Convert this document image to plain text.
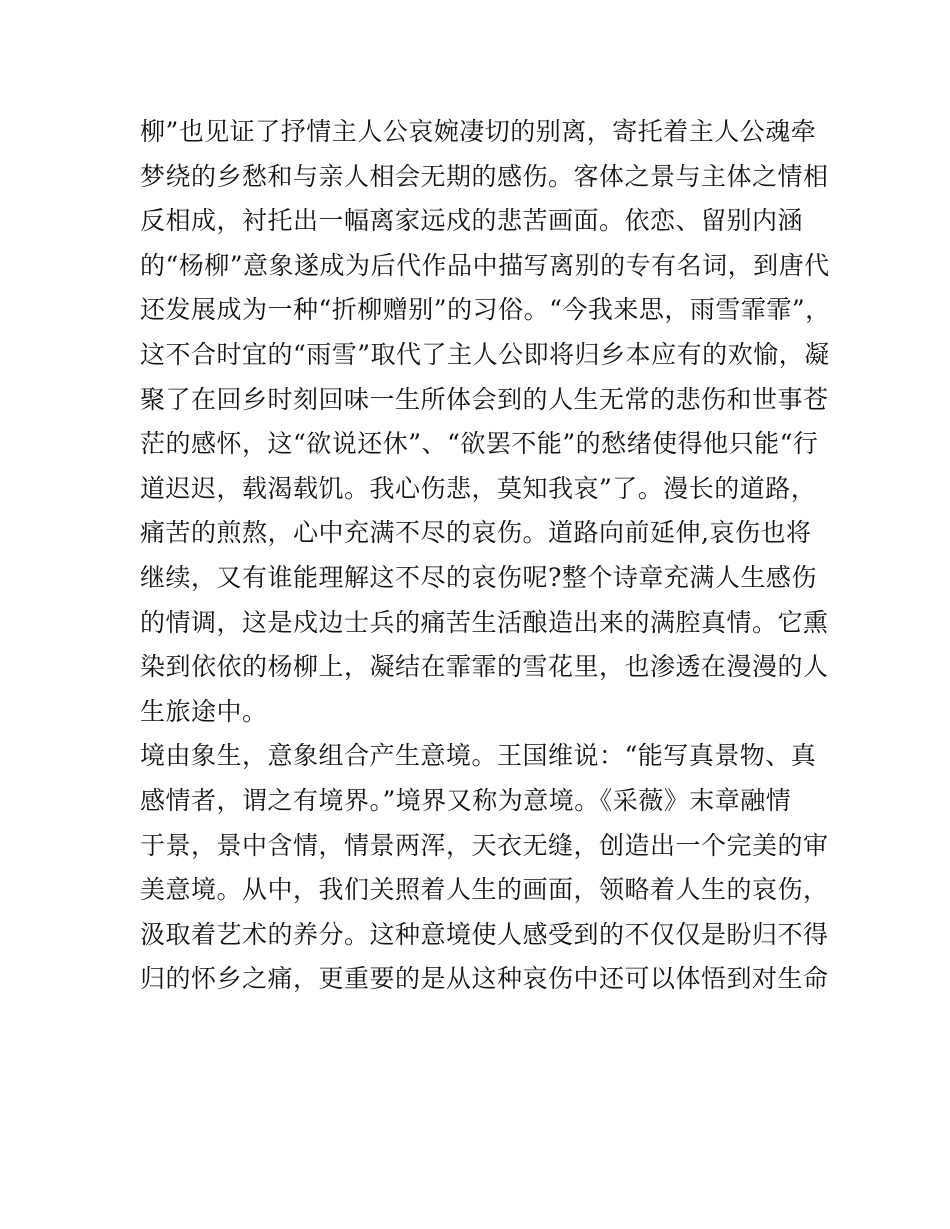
柳”也见证了抒情主人公哀婉凄切的别离，寄托着主人公魂牵
梦绕的乡愁和与亲人相会无期的感伤。客体之景与主体之情相
反相成，衬托出一幅离家远戍的悲苦画面。依恋、留别内涵
的“杨柳”意象遂成为后代作品中描写离别的专有名词，到唐代
还发展成为一种“折柳赠别”的习俗。“今我来思，雨雪霏霏”，
这不合时宜的“雨雪”取代了主人公即将归乡本应有的欢愉，凝
聚了在回乡时刻回味一生所体会到的人生无常的悲伤和世事苍
茫的感怀，这“欲说还休”、“欲罢不能”的愁绪使得他只能“行
道迟迟，载渴载饥。我心伤悲，莫知我哀”了。漫长的道路，
痛苦的煎熬，心中充满不尽的哀伤。道路向前延伸,哀伤也将
继续，又有谁能理解这不尽的哀伤呢?整个诗章充满人生感伤
的情调，这是戍边士兵的痛苦生活酿造出来的满腔真情。它熏
染到依依的杨柳上，凝结在霏霏的雪花里，也渗透在漫漫的人
生旅途中。
境由象生，意象组合产生意境。王国维说：“能写真景物、真
感情者，谓之有境界。”境界又称为意境。《采薇》末章融情
于景，景中含情，情景两浑，天衣无缝，创造出一个完美的审
美意境。从中，我们关照着人生的画面，领略着人生的哀伤，
汲取着艺术的养分。这种意境使人感受到的不仅仅是盼归不得
归的怀乡之痛，更重要的是从这种哀伤中还可以体悟到对生命
